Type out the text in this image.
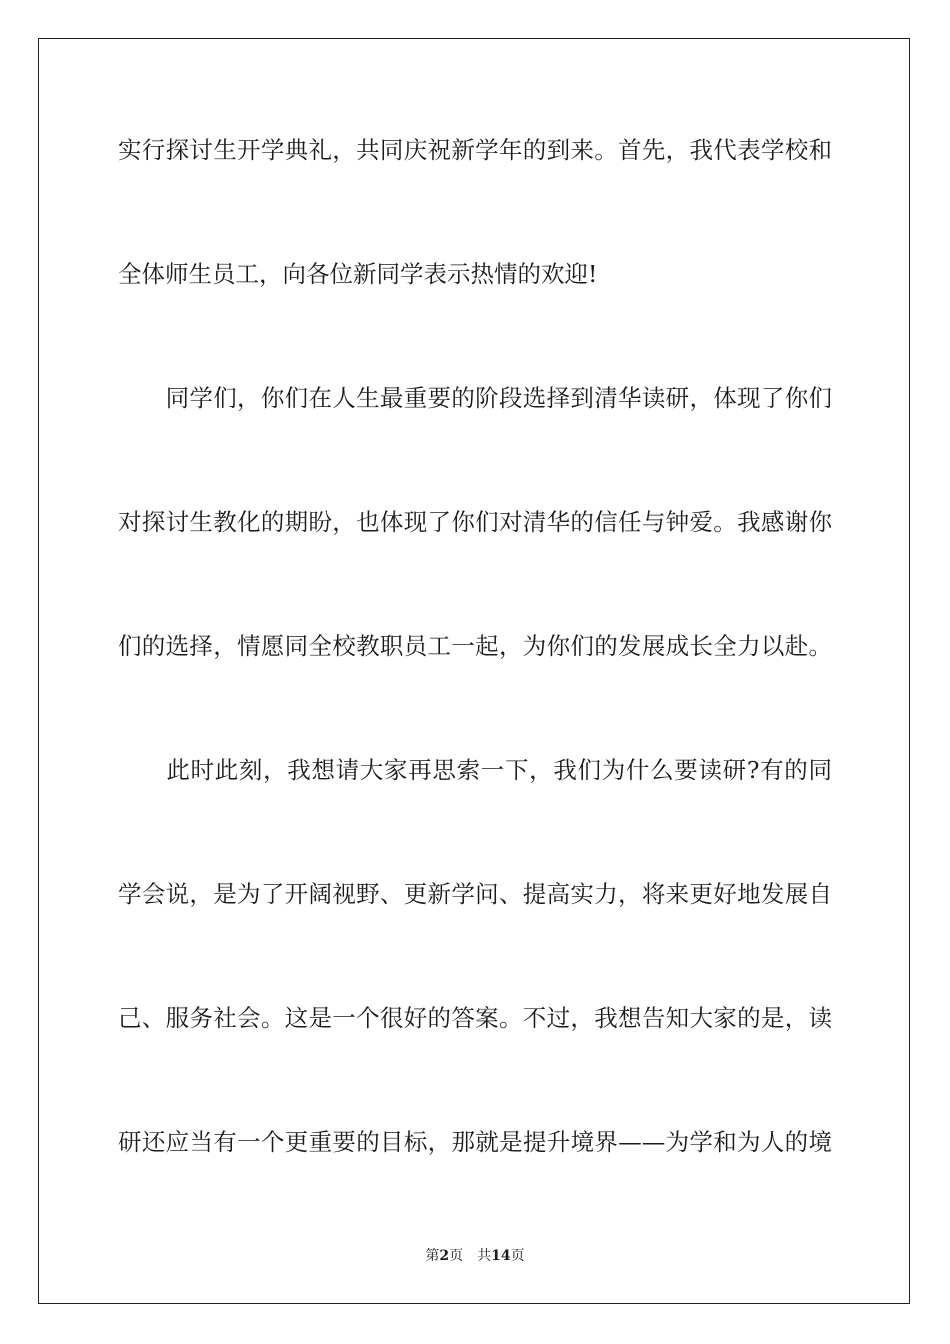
实行探讨生开学典礼，共同庆祝新学年的到来。首先，我代表学校和
全体师生员工，向各位新同学表示热情的欢迎!
　　同学们，你们在人生最重要的阶段选择到清华读研，体现了你们
对探讨生教化的期盼，也体现了你们对清华的信任与钟爱。我感谢你
们的选择，情愿同全校教职员工一起，为你们的发展成长全力以赴。
　　此时此刻，我想请大家再思索一下，我们为什么要读研?有的同
学会说，是为了开阔视野、更新学问、提高实力，将来更好地发展自
己、服务社会。这是一个很好的答案。不过，我想告知大家的是，读
研还应当有一个更重要的目标，那就是提升境界——为学和为人的境
第2页 共14页
